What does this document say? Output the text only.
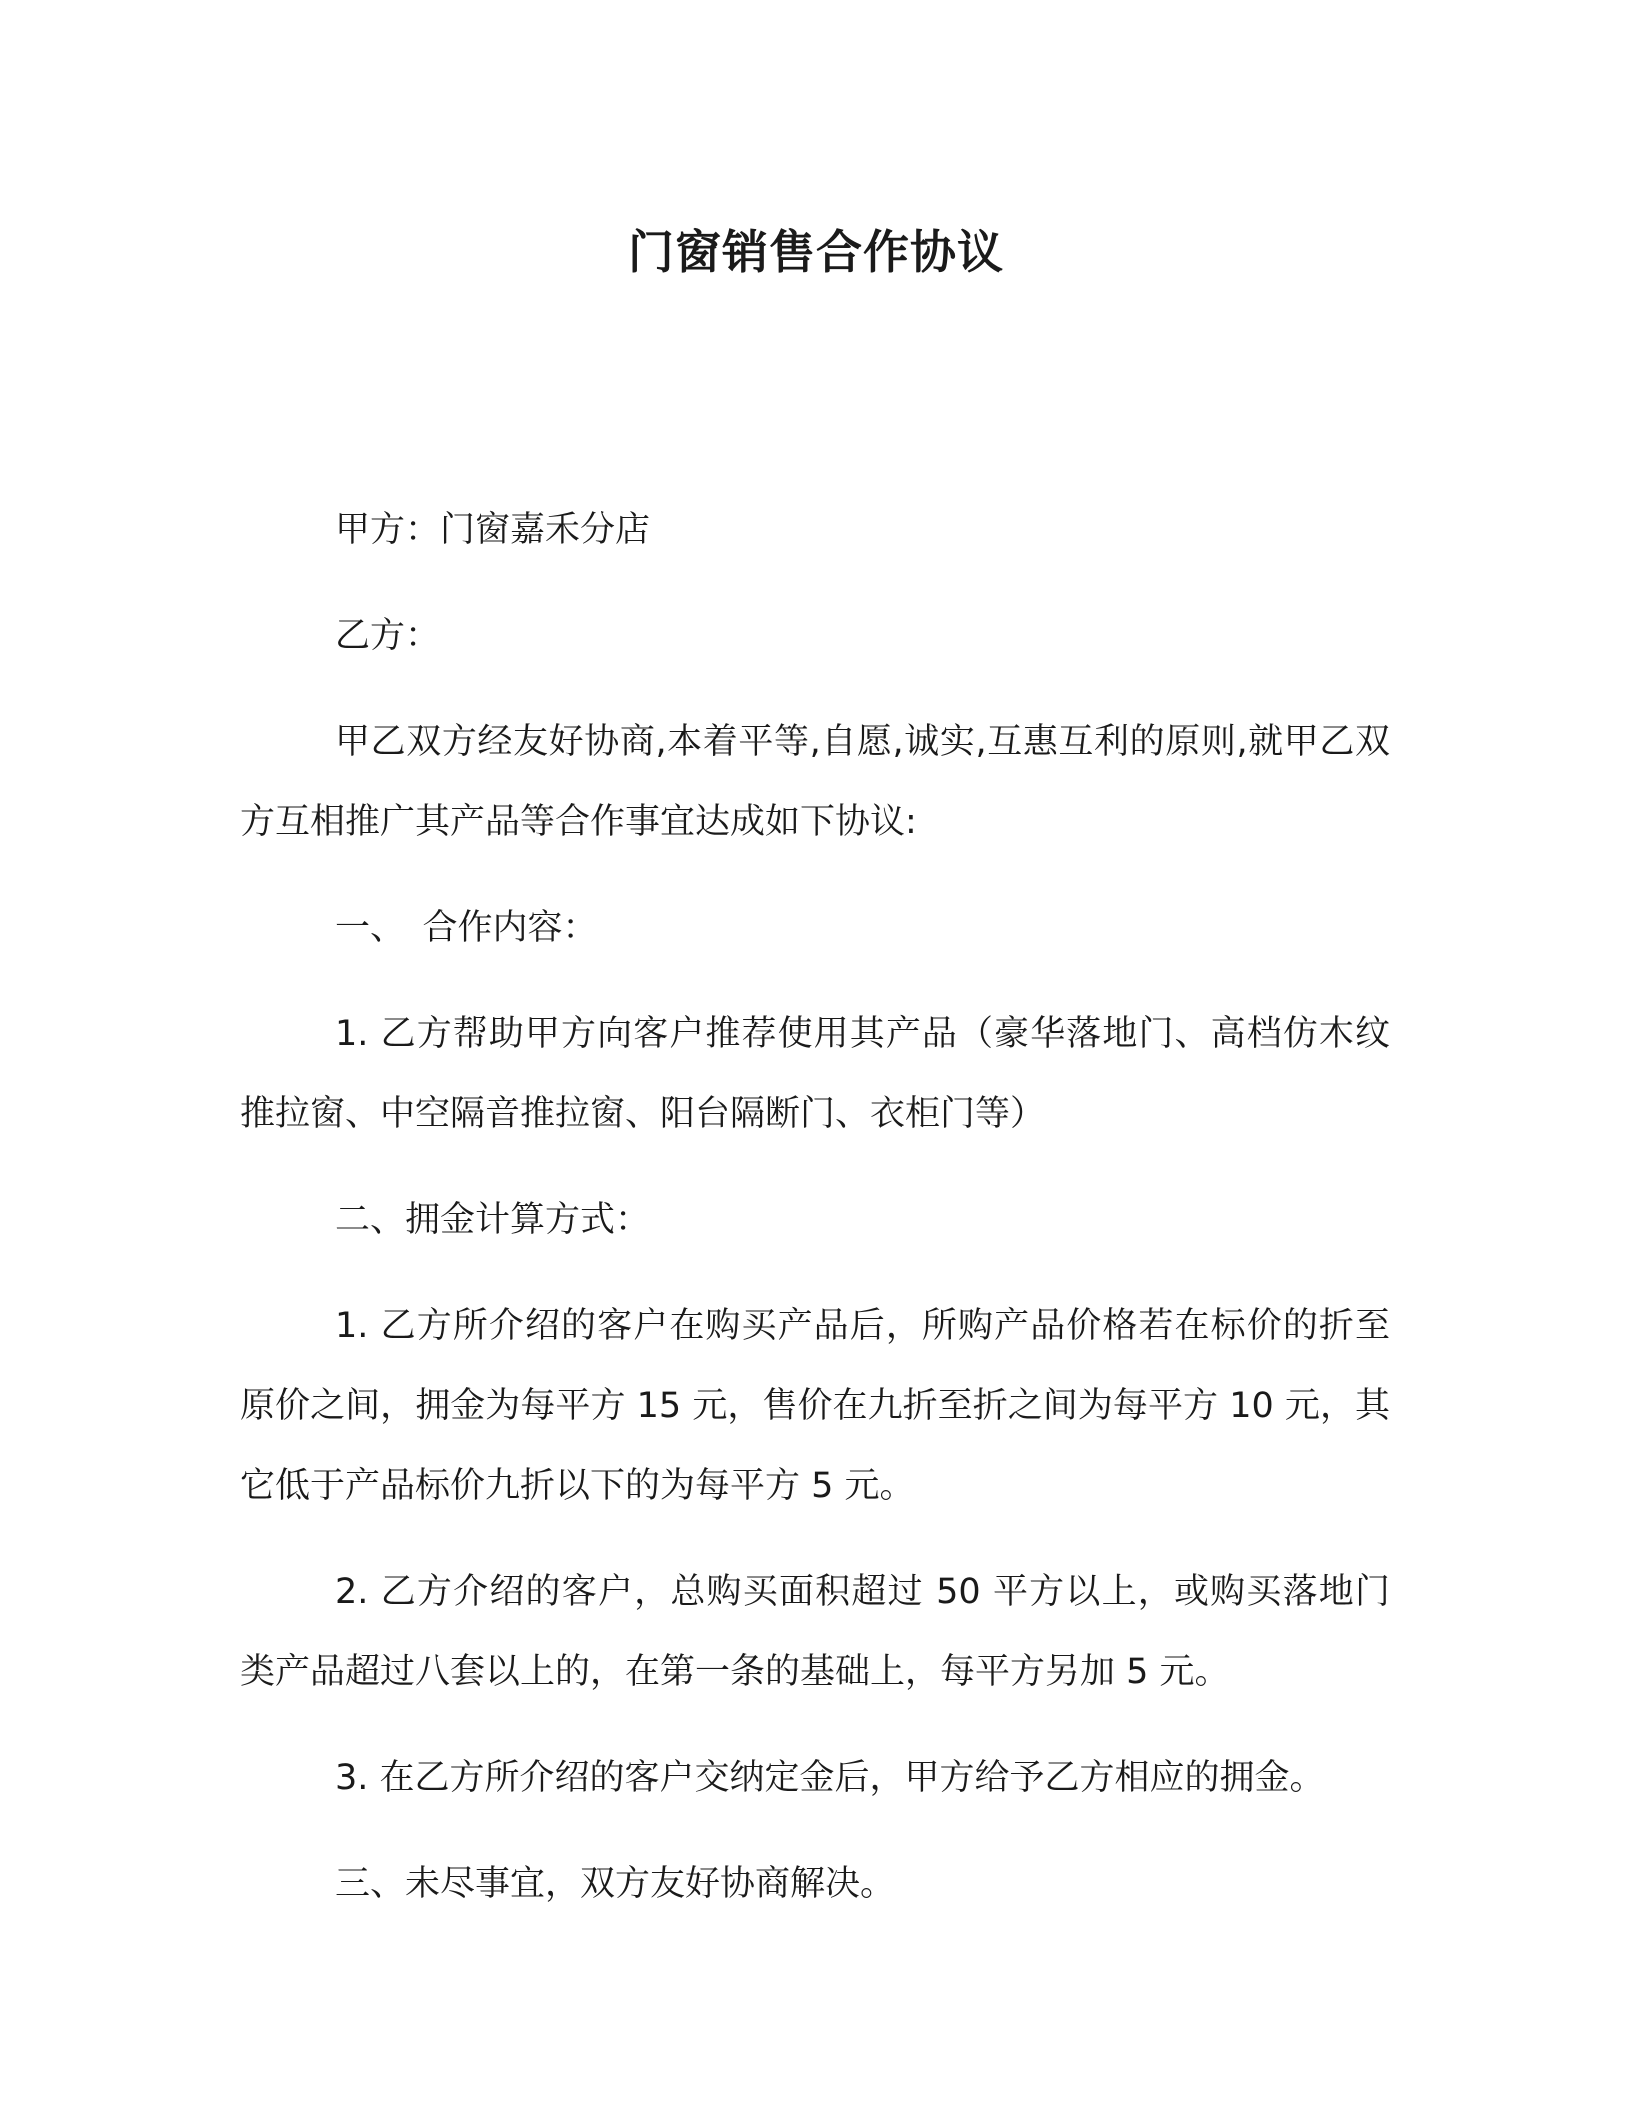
门窗销售合作协议

甲方：门窗嘉禾分店

乙方：

甲乙双方经友好协商,本着平等,自愿,诚实,互惠互利的原则,就甲乙双方互相推广其产品等合作事宜达成如下协议:

一、　合作内容：

1. 乙方帮助甲方向客户推荐使用其产品（豪华落地门、高档仿木纹推拉窗、中空隔音推拉窗、阳台隔断门、衣柜门等）

二、拥金计算方式：

1. 乙方所介绍的客户在购买产品后，所购产品价格若在标价的折至原价之间，拥金为每平方 15 元，售价在九折至折之间为每平方 10 元，其它低于产品标价九折以下的为每平方 5 元。

2. 乙方介绍的客户，总购买面积超过 50 平方以上，或购买落地门类产品超过八套以上的，在第一条的基础上，每平方另加 5 元。

3. 在乙方所介绍的客户交纳定金后，甲方给予乙方相应的拥金。

三、未尽事宜，双方友好协商解决。
